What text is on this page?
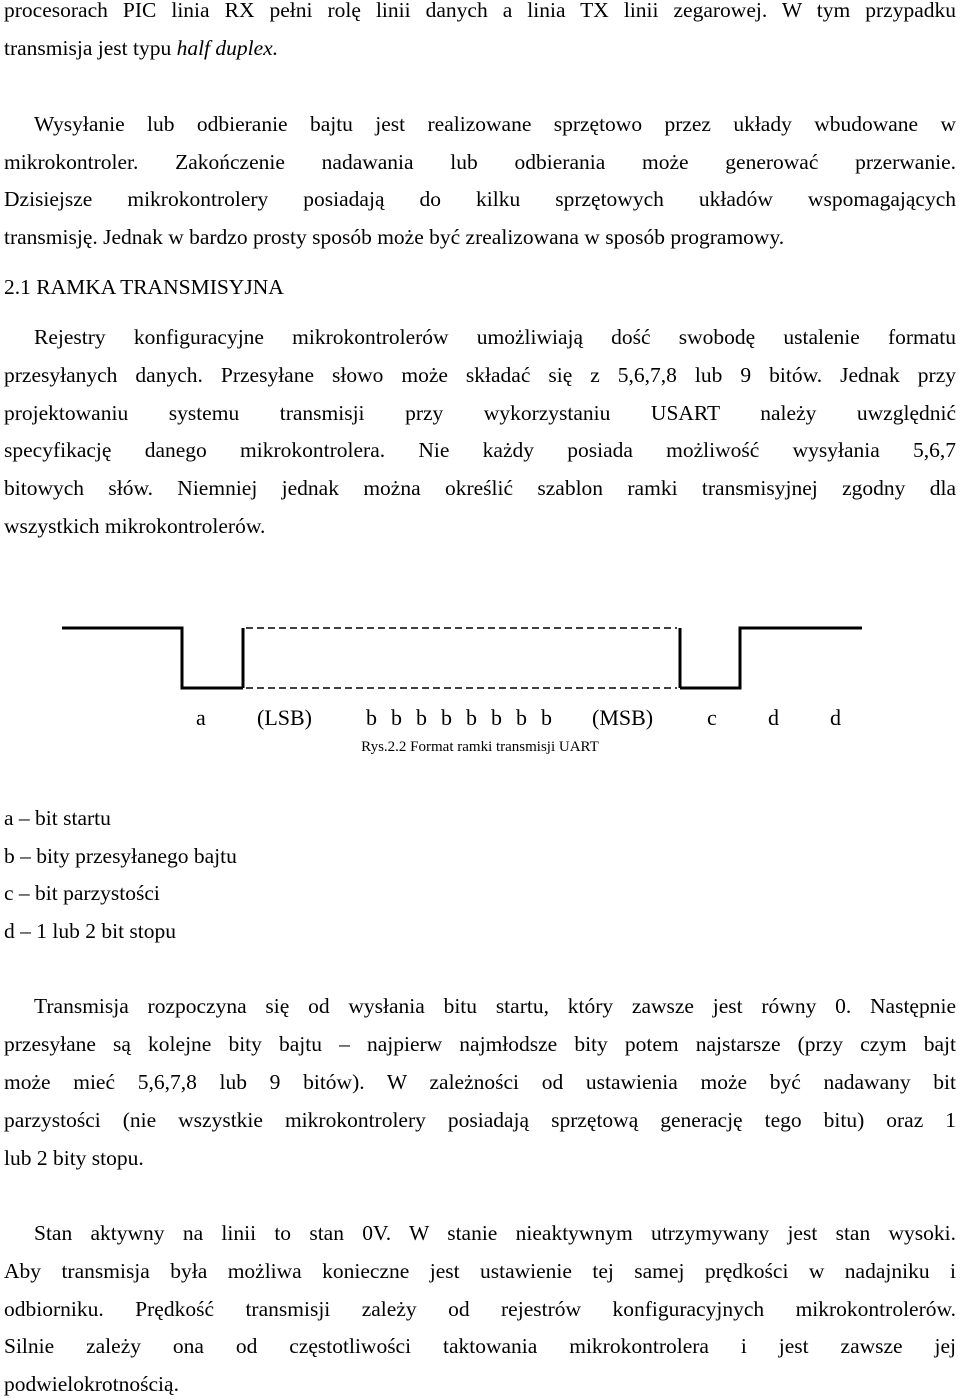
procesorach PIC linia RX pełni rolę linii danych a linia TX linii zegarowej. W tym przypadku
transmisja jest typu half duplex.
Wysyłanie lub odbieranie bajtu jest realizowane sprzętowo przez układy wbudowane w
mikrokontroler. Zakończenie nadawania lub odbierania może generować przerwanie.
Dzisiejsze mikrokontrolery posiadają do kilku sprzętowych układów wspomagających
transmisję. Jednak w bardzo prosty sposób może być zrealizowana w sposób programowy.
2.1 RAMKA TRANSMISYJNA
Rejestry konfiguracyjne mikrokontrolerów umożliwiają dość swobodę ustalenie formatu
przesyłanych danych. Przesyłane słowo może składać się z 5,6,7,8 lub 9 bitów. Jednak przy
projektowaniu systemu transmisji przy wykorzystaniu USART należy uwzględnić
specyfikację danego mikrokontrolera. Nie każdy posiada możliwość wysyłania 5,6,7
bitowych słów. Niemniej jednak można określić szablon ramki transmisyjnej zgodny dla
wszystkich mikrokontrolerów.
a (LSB) b b b b b b b b (MSB) c d d
Rys.2.2 Format ramki transmisji UART
a – bit startu
b – bity przesyłanego bajtu
c – bit parzystości
d – 1 lub 2 bit stopu
Transmisja rozpoczyna się od wysłania bitu startu, który zawsze jest równy 0. Następnie
przesyłane są kolejne bity bajtu – najpierw najmłodsze bity potem najstarsze (przy czym bajt
może mieć 5,6,7,8 lub 9 bitów). W zależności od ustawienia może być nadawany bit
parzystości (nie wszystkie mikrokontrolery posiadają sprzętową generację tego bitu) oraz 1
lub 2 bity stopu.
Stan aktywny na linii to stan 0V. W stanie nieaktywnym utrzymywany jest stan wysoki.
Aby transmisja była możliwa konieczne jest ustawienie tej samej prędkości w nadajniku i
odbiorniku. Prędkość transmisji zależy od rejestrów konfiguracyjnych mikrokontrolerów.
Silnie zależy ona od częstotliwości taktowania mikrokontrolera i jest zawsze jej
podwielokrotnością.
